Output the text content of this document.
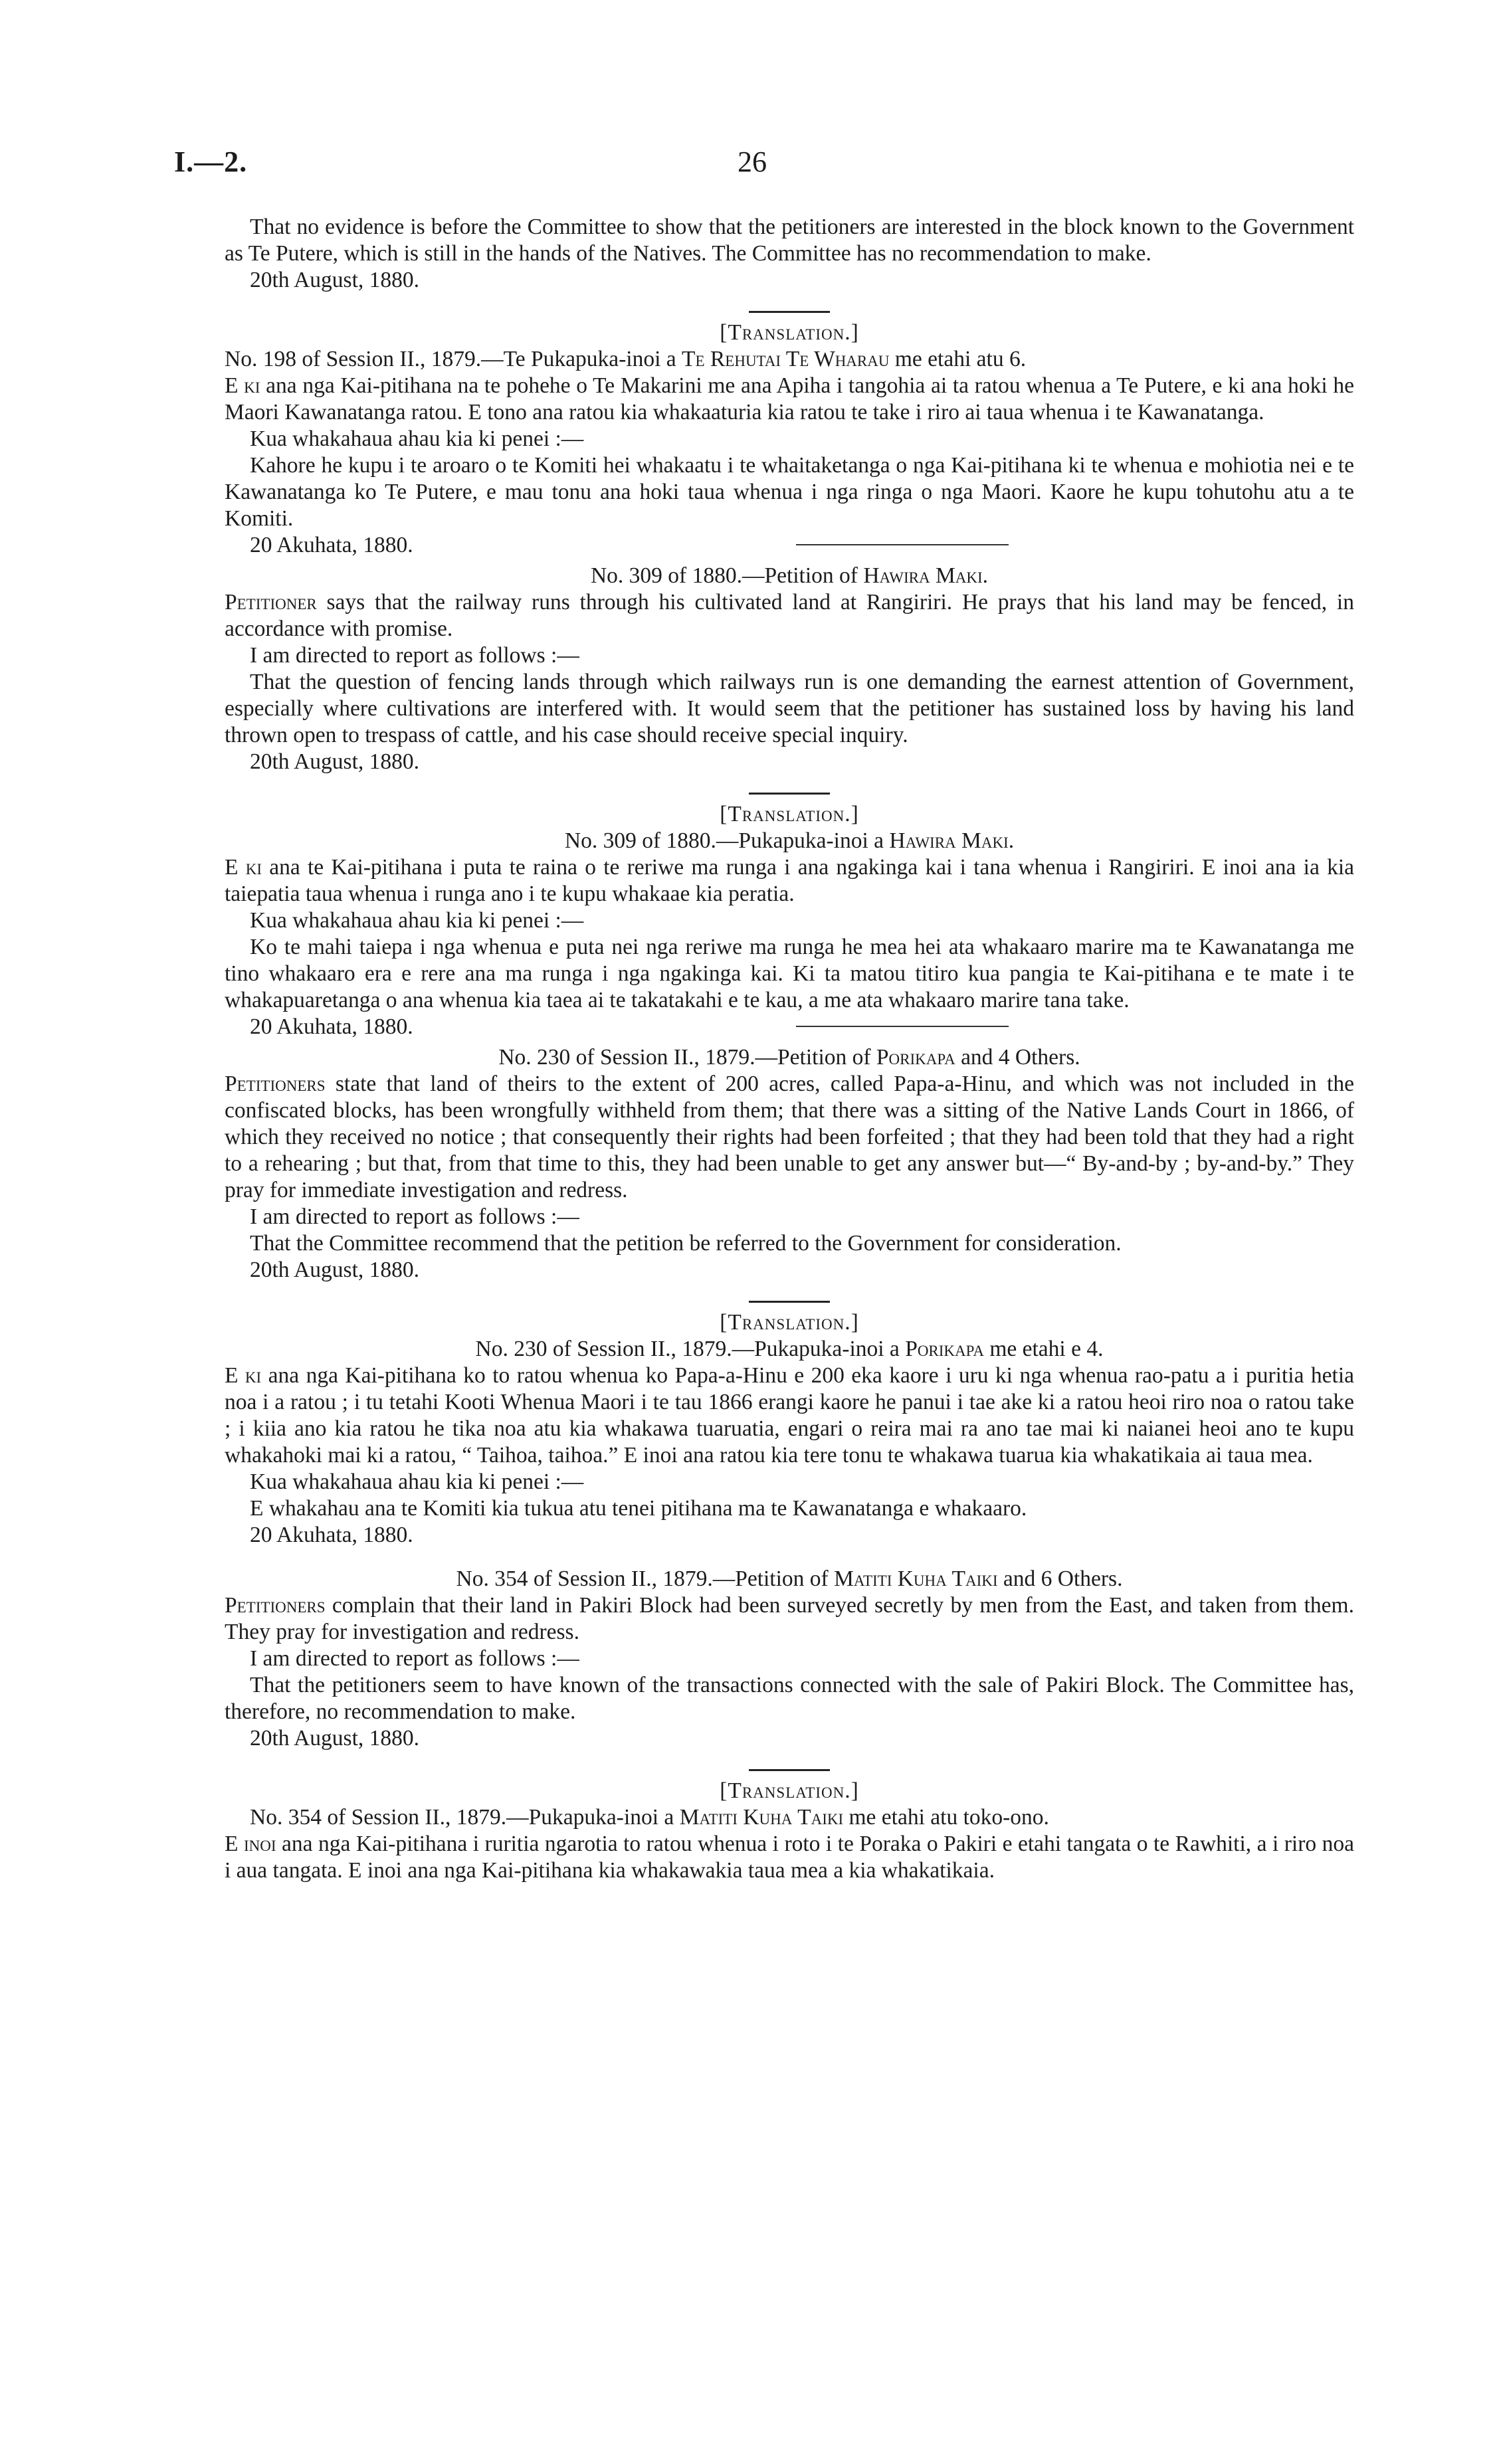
I.—2.	26

That no evidence is before the Committee to show that the petitioners are interested in the block known to the Government as Te Putere, which is still in the hands of the Natives. The Committee has no recommendation to make.

20th August, 1880.

[Translation.]

No. 198 of Session II., 1879.—Te Pukapuka-inoi a Te Rehutai Te Wharau me etahi atu 6.

E ki ana nga Kai-pitihana na te pohehe o Te Makarini me ana Apiha i tangohia ai ta ratou whenua a Te Putere, e ki ana hoki he Maori Kawanatanga ratou. E tono ana ratou kia whakaaturia kia ratou te take i riro ai taua whenua i te Kawanatanga.

Kua whakahaua ahau kia ki penei :—

Kahore he kupu i te aroaro o te Komiti hei whakaatu i te whaitaketanga o nga Kai-pitihana ki te whenua e mohiotia nei e te Kawanatanga ko Te Putere, e mau tonu ana hoki taua whenua i nga ringa o nga Maori. Kaore he kupu tohutohu atu a te Komiti.

20 Akuhata, 1880.

No. 309 of 1880.—Petition of Hawira Maki.

Petitioner says that the railway runs through his cultivated land at Rangiriri. He prays that his land may be fenced, in accordance with promise.

I am directed to report as follows :—

That the question of fencing lands through which railways run is one demanding the earnest attention of Government, especially where cultivations are interfered with. It would seem that the petitioner has sustained loss by having his land thrown open to trespass of cattle, and his case should receive special inquiry.

20th August, 1880.

[Translation.]

No. 309 of 1880.—Pukapuka-inoi a Hawira Maki.

E ki ana te Kai-pitihana i puta te raina o te reriwe ma runga i ana ngakinga kai i tana whenua i Rangiriri. E inoi ana ia kia taiepatia taua whenua i runga ano i te kupu whakaae kia peratia.

Kua whakahaua ahau kia ki penei :—

Ko te mahi taiepa i nga whenua e puta nei nga reriwe ma runga he mea hei ata whakaaro marire ma te Kawanatanga me tino whakaaro era e rere ana ma runga i nga ngakinga kai. Ki ta matou titiro kua pangia te Kai-pitihana e te mate i te whakapuaretanga o ana whenua kia taea ai te takatakahi e te kau, a me ata whakaaro marire tana take.

20 Akuhata, 1880.

No. 230 of Session II., 1879.—Petition of Porikapa and 4 Others.

Petitioners state that land of theirs to the extent of 200 acres, called Papa-a-Hinu, and which was not included in the confiscated blocks, has been wrongfully withheld from them; that there was a sitting of the Native Lands Court in 1866, of which they received no notice ; that consequently their rights had been forfeited ; that they had been told that they had a right to a rehearing ; but that, from that time to this, they had been unable to get any answer but—“ By-and-by ; by-and-by.” They pray for immediate investigation and redress.

I am directed to report as follows :—

That the Committee recommend that the petition be referred to the Government for consideration.

20th August, 1880.

[Translation.]

No. 230 of Session II., 1879.—Pukapuka-inoi a Porikapa me etahi e 4.

E ki ana nga Kai-pitihana ko to ratou whenua ko Papa-a-Hinu e 200 eka kaore i uru ki nga whenua rao-patu a i puritia hetia noa i a ratou ; i tu tetahi Kooti Whenua Maori i te tau 1866 erangi kaore he panui i tae ake ki a ratou heoi riro noa o ratou take ; i kiia ano kia ratou he tika noa atu kia whakawa tuaruatia, engari o reira mai ra ano tae mai ki naianei heoi ano te kupu whakahoki mai ki a ratou, “ Taihoa, taihoa.” E inoi ana ratou kia tere tonu te whakawa tuarua kia whakatikaia ai taua mea.

Kua whakahaua ahau kia ki penei :—

E whakahau ana te Komiti kia tukua atu tenei pitihana ma te Kawanatanga e whakaaro.

20 Akuhata, 1880.

No. 354 of Session II., 1879.—Petition of Matiti Kuha Taiki and 6 Others.

Petitioners complain that their land in Pakiri Block had been surveyed secretly by men from the East, and taken from them. They pray for investigation and redress.

I am directed to report as follows :—

That the petitioners seem to have known of the transactions connected with the sale of Pakiri Block. The Committee has, therefore, no recommendation to make.

20th August, 1880.

[Translation.]

No. 354 of Session II., 1879.—Pukapuka-inoi a Matiti Kuha Taiki me etahi atu toko-ono.

E inoi ana nga Kai-pitihana i ruritia ngarotia to ratou whenua i roto i te Poraka o Pakiri e etahi tangata o te Rawhiti, a i riro noa i aua tangata. E inoi ana nga Kai-pitihana kia whakawakia taua mea a kia whakatikaia.
